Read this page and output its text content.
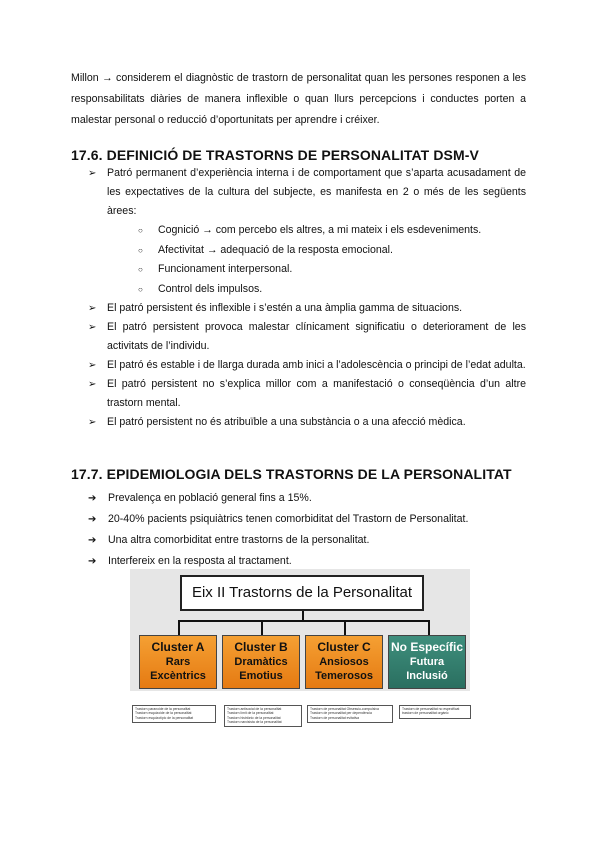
Millon → considerem el diagnòstic de trastorn de personalitat quan les persones responen a les responsabilitats diàries de manera inflexible o quan llurs percepcions i conductes porten a malestar personal o reducció d’oportunitats per aprendre i créixer.

17.6. DEFINICIÓ DE TRASTORNS DE PERSONALITAT DSM-V
➢ Patró permanent d’experiència interna i de comportament que s’aparta acusadament de les expectatives de la cultura del subjecte, es manifesta en 2 o més de les següents àrees:
○ Cognició → com percebo els altres, a mi mateix i els esdeveniments.
○ Afectivitat → adequació de la resposta emocional.
○ Funcionament interpersonal.
○ Control dels impulsos.
➢ El patró persistent és inflexible i s’estén a una àmplia gamma de situacions.
➢ El patró persistent provoca malestar clínicament significatiu o deteriorament de les activitats de l’individu.
➢ El patró és estable i de llarga durada amb inici a l’adolescència o principi de l’edat adulta.
➢ El patró persistent no s’explica millor com a manifestació o conseqüència d’un altre trastorn mental.
➢ El patró persistent no és atribuïble a una substància o a una afecció mèdica.
17.7. EPIDEMIOLOGIA DELS TRASTORNS DE LA PERSONALITAT
➔ Prevalença en població general fins a 15%.
➔ 20-40% pacients psiquiàtrics tenen comorbiditat del Trastorn de Personalitat.
➔ Una altra comorbiditat entre trastorns de la personalitat.
➔ Interfereix en la resposta al tractament.
Eix II Trastorns de la Personalitat
Cluster A
Rars
Excèntrics
Cluster B
Dramàtics
Emotius
Cluster C
Ansiosos
Temerosos
No Específic
Futura
Inclusió
Trastorn paranoide de la personalitat
Trastorn esquizoide de la personalitat
Trastorn esquizotípic de la personalitat
Trastorn antisocial de la personalitat
Trastorn límit de la personalitat
Trastorn histriònic de la personalitat
Trastorn narcisista de la personalitat
Trastorn de personalitat Obsessiu-compulsiva
Trastorn de personalitat per dependència
Trastorn de personalitat evitativa
Trastorn de personalitat no especificat
trastorn de personalitat orgànic
